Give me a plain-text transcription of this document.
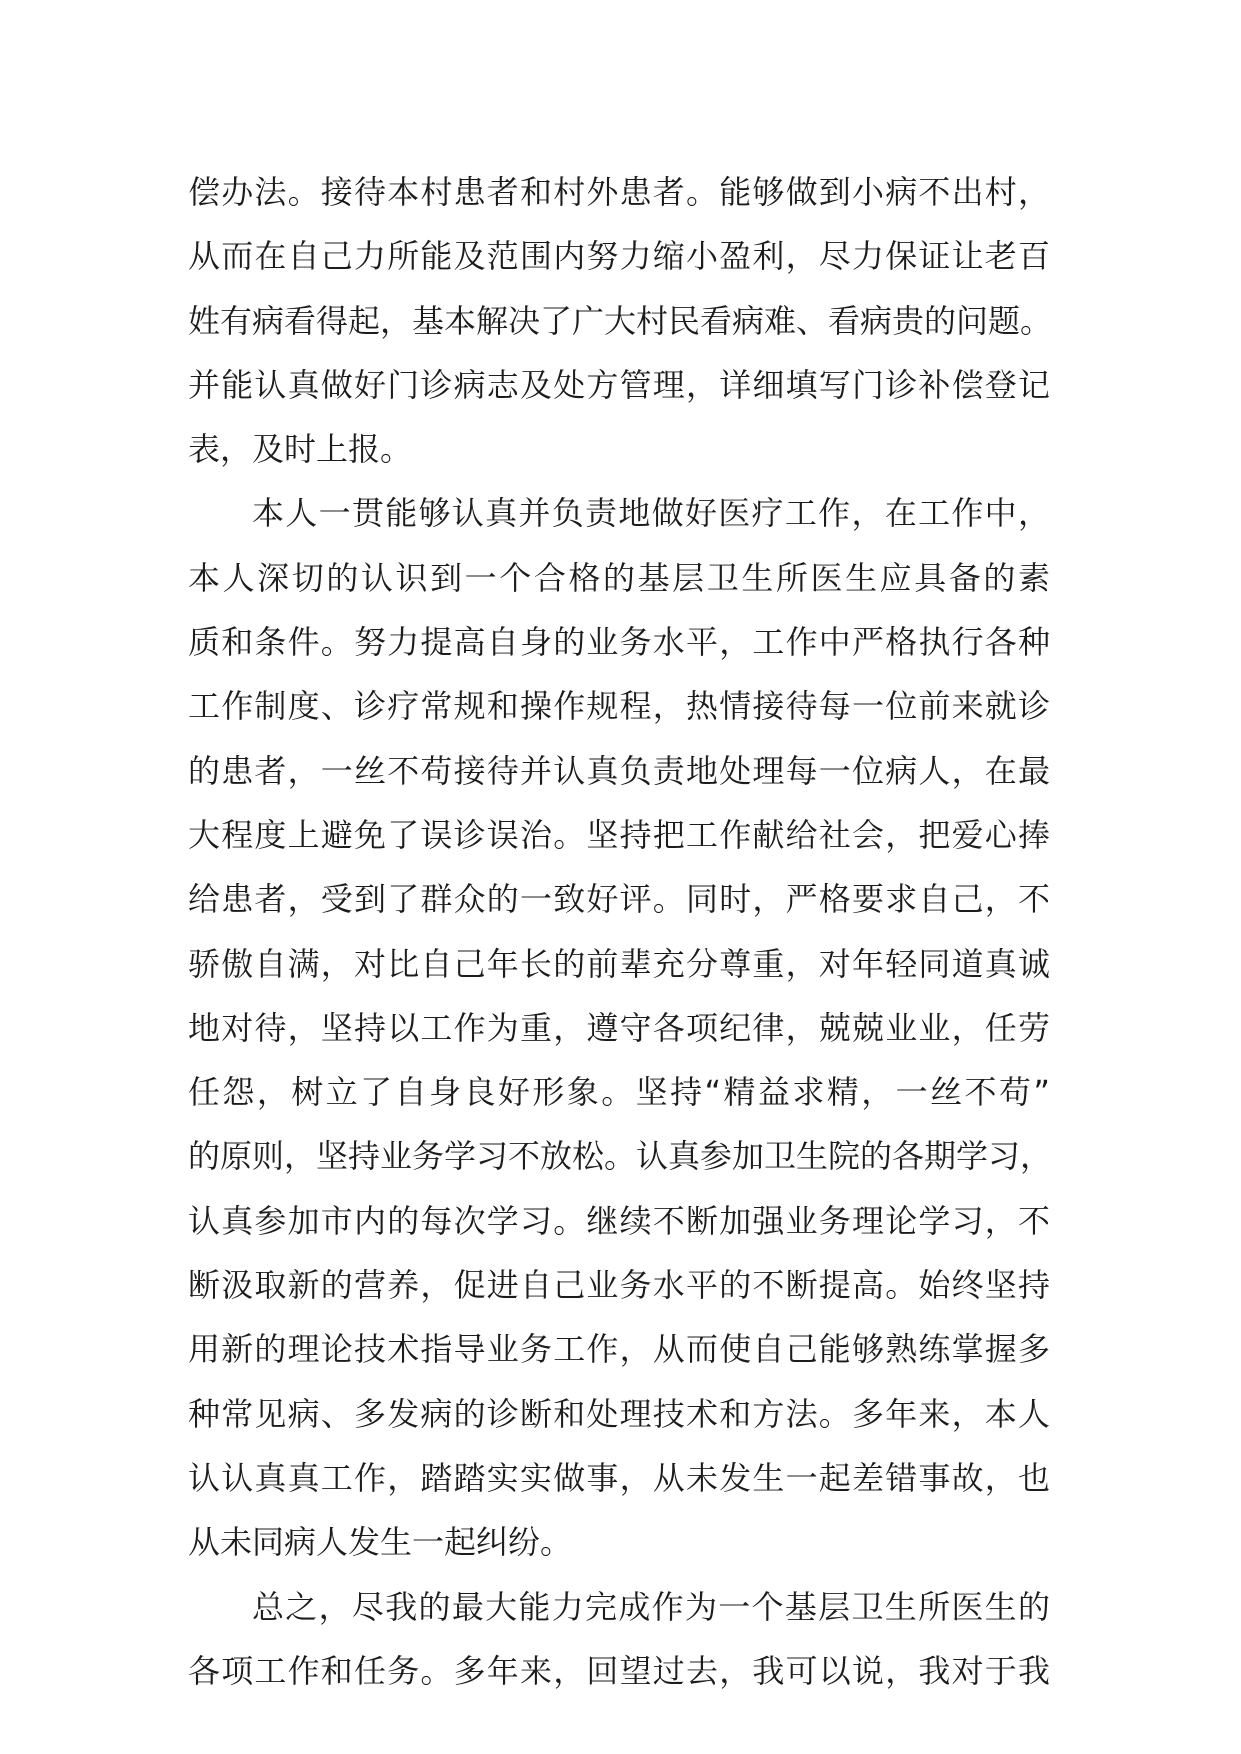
偿办法。接待本村患者和村外患者。能够做到小病不出村，
从而在自己力所能及范围内努力缩小盈利，尽力保证让老百
姓有病看得起，基本解决了广大村民看病难、看病贵的问题。
并能认真做好门诊病志及处方管理，详细填写门诊补偿登记
表，及时上报。
本人一贯能够认真并负责地做好医疗工作，在工作中，
本人深切的认识到一个合格的基层卫生所医生应具备的素
质和条件。努力提高自身的业务水平，工作中严格执行各种
工作制度、诊疗常规和操作规程，热情接待每一位前来就诊
的患者，一丝不苟接待并认真负责地处理每一位病人，在最
大程度上避免了误诊误治。坚持把工作献给社会，把爱心捧
给患者，受到了群众的一致好评。同时，严格要求自己，不
骄傲自满，对比自己年长的前辈充分尊重，对年轻同道真诚
地对待，坚持以工作为重，遵守各项纪律，兢兢业业，任劳
任怨，树立了自身良好形象。坚持“精益求精，一丝不苟”
的原则，坚持业务学习不放松。认真参加卫生院的各期学习，
认真参加市内的每次学习。继续不断加强业务理论学习，不
断汲取新的营养，促进自己业务水平的不断提高。始终坚持
用新的理论技术指导业务工作，从而使自己能够熟练掌握多
种常见病、多发病的诊断和处理技术和方法。多年来，本人
认认真真工作，踏踏实实做事，从未发生一起差错事故，也
从未同病人发生一起纠纷。
总之，尽我的最大能力完成作为一个基层卫生所医生的
各项工作和任务。多年来，回望过去，我可以说，我对于我
